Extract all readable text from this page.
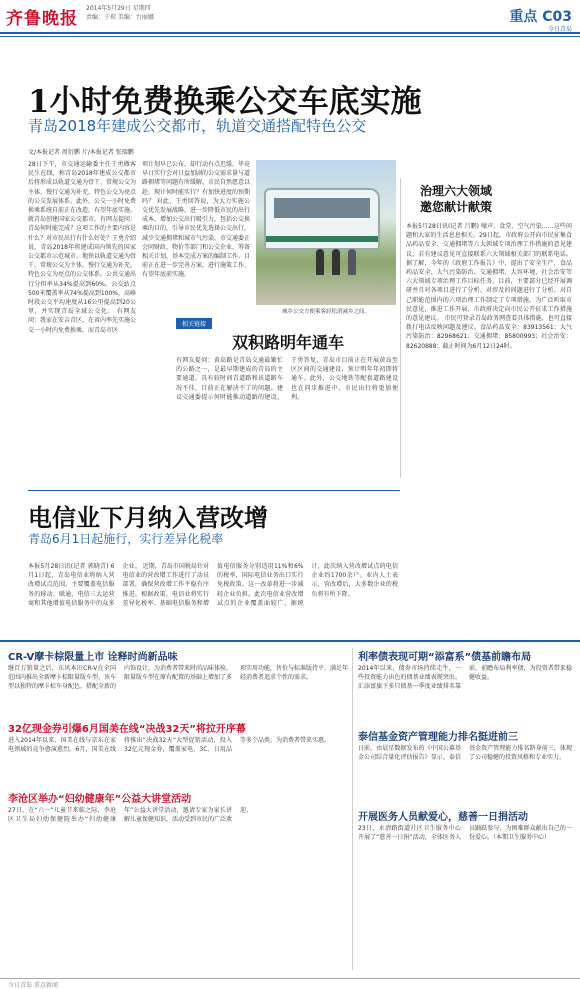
齐鲁晚报
2014年5月29日 星期四
责编：于琼 美编：台丽娜	重点 C03
今日青岛
1小时免费换乘公交车底实施
青岛2018年建成公交都市，轨道交通搭配特色公交
文/本报记者 周衍鹏 片/本报记者 张瑞鹏
28日下午，市交通运输委主任王勇做客民生在线，称青岛2018年建成公交都市后将形成以轨道交通为骨干、常规公交为主体、慢行交通为补充，特色公交为亮点的公交发展体系。此外，公交一小时免费换乘系统自前正在改造，有望年底实施。 就青岛创建国家公交都市，有网友提问：青岛何时能完成？这项工作的主要内容是什么？对市民出行有什么好处？王勇介绍说，青岛2018年将建成国内领先的国家公交都市示范城市，地铁以轨道交通为骨干，常规公交为主体，慢行交通为补充，特色公交为亮点的公交体系。公共交通出行分担率从34%提高到60%。公交站点500米覆盖率从74%提高到100%，高峰时段公交平均速度从16公里提高到20公里，并实现青岛全域公交化。 有网友问：我家在安吉青区，在省内率先实施公交一小时内免费换乘，而青岛市区
项计划早已公布，却行动有点迟缓，毕竟早日实行会对日益加剧的公交需求量与道路拥堵等问题有所缓解，市民自然愿意以赴，现计何时能实行？有加快进度的预期吗？ 对此，王勇回答说，为大力实施公交优先发展战略，进一步降低市民的出行成本，增加公交出行吸引力，包括公交换乘的目的，引导市民优先选择公交出行，减少交通拥堵和城市气污染，市交通委正会同财政、物价等部门和公交企业，筹备相关计划，基本完成方案的编制工作。目前正在进一步完善方案，进行施策工作，有望年底前实施。
城乡公交方便乘客轻松消减乡之间。
相关链接
双积路明年通车
有网友提问：黄岛路是青岛交通最繁忙的公路之一，是最早期建成的青岛的主要通道。具有较时间青道路和该道路车况不佳，目前正在解决不了的问题。建议交通委提示何时能推动道路的建设。王勇答复，青岛市目前正在开展黄岛至区区间的交通建设，预计明年年初即将通车。此外，公交地铁等配套道路建设也在同步推进中，市民出行将更加便利。
治理六大领域
邀您献计献策
本报5月28日讯(记者 吕鹏) 噪声、食堂、空气污染……这些问题和大家的生活息息相关。29日起，市政府公开向市民征集食品药品安全、交通拥堵等六大领域专项治理工作措施的意见建议，若有建议意见可直接联系六大领域相关部门的联系电话。 据了解，今年的《政府工作报告》中，提出了安全生产、食品药品安全、大气污染防治、交通拥堵、大容环境、社会治安等六大领域专项治理工作目标任务。目前，主要部分已经开展调研并且对各项目进行了分析、对涉及的问题进行了分析。对自己职能范围内的六项治理工作制定了专项措施。为广泛听取市民意见，推进工作开展，市政府决定向市民公开征求工作措施的意见建议。 市民可登录青岛政务网查看具体措施，也可直接拨打电话反映问题及建议。食品药品安全：83913561；大气污染防治：82968621；交通拥堵：85800993；社会治安：82620888；截止时间为6月12日24时。
电信业下月纳入营改增
青岛6月1日起施行，实行差异化税率
本报5月28日讯(记者 郭晓青) 6月1日起，青岛电信业将纳入营改增试点范围。主要覆盖电信服务的移动、联通、电信三大运营商和其他增值电信服务中的众多企业。 近期，青岛市国税局针对电信业的营改增工作进行了动员部署，确保营改增工作平稳有序推进。根据政策，电信业将实行差异化税率。基础电信服务和增值电信服务分别适用11%和6%的税率，国际电信业务出口实行免税政策。这一改革将进一步减轻企业负担。此次电信业营改增试点的企业覆盖面较广，据统计，此次纳入营改增试点的电信企业约1700余户。业内人士表示，营改增后，大多数企业的税负将有所下降。
CR-V摩卡棕限量上市 诠释时尚新品味
继百万销量之后，东风本田CR-V在全国范围内推出全新摩卡棕限量版车型。该车型以独特的摩卡棕车身配色，搭配全新的内饰设计，为消费者带来时尚品味体验。限量版车型在原有配置的基础上增加了多项实用功能，售价与标准版持平，满足年轻消费者追求个性的需求。
32亿现金券引爆6月国美在线“决战32天”将拉开序幕
进入2014年以来，国美在线与京东在家电领域的竞争愈演愈烈。6月，国美在线将推出“决战32天”大型促销活动，投入32亿元现金券，覆盖家电、3C、日用品等多个品类，为消费者带来实惠。
李沧区举办“妇幼健康年”公益大讲堂活动
27日，在“六一”儿童节来临之际，李沧区卫生局妇幼保健院举办“妇幼健康年”公益大讲堂活动，邀请专家为家长讲解儿童保健知识，活动受到市民的广泛欢迎。
利率债表现可期“添富系”债基前瞻布局
2014年以来，债券市场持续走牛，一些投资能力出色的债基业绩表现突出。汇添富旗下多只债基一季度业绩排名靠前，前瞻布局利率债，为投资者带来稳健收益。
泰信基金资产管理能力排名挺进前三
日前，由晨星数据发布的《中国公募基金公司综合量化评估报告》显示，泰信基金资产管理能力排名跻身前三，体现了公司稳健的投资风格和专业实力。
开展医务人员献爱心，慈善一日捐活动
23日，永清路街道社区卫生服务中心开展了“慈善一日捐”活动，全体医务人员踊跃参与，为困难群众献出自己的一份爱心。（本期卫生服务中心）
今日青岛 重点新闻
